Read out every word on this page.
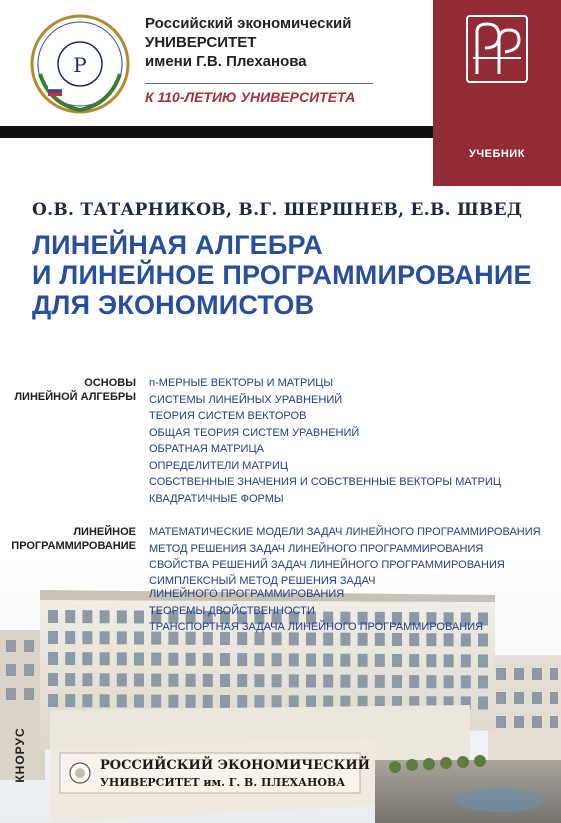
РОССИЙСКИЙ ЭКОНОМИЧЕСКИЙ
УНИВЕРСИТЕТ им. Г. В. ПЛЕХАНОВА
Р
Российский экономический
УНИВЕРСИТЕТ
имени Г.В. Плеханова
К 110-ЛЕТИЮ УНИВЕРСИТЕТА
УЧЕБНИК
О.В. ТАТАРНИКОВ, В.Г. ШЕРШНЕВ, Е.В. ШВЕД
ЛИНЕЙНАЯ АЛГЕБРА
И ЛИНЕЙНОЕ ПРОГРАММИРОВАНИЕ
ДЛЯ ЭКОНОМИСТОВ
ОСНОВЫ
ЛИНЕЙНОЙ АЛГЕБРЫ
n-МЕРНЫЕ ВЕКТОРЫ И МАТРИЦЫ
СИСТЕМЫ ЛИНЕЙНЫХ УРАВНЕНИЙ
ТЕОРИЯ СИСТЕМ ВЕКТОРОВ
ОБЩАЯ ТЕОРИЯ СИСТЕМ УРАВНЕНИЙ
ОБРАТНАЯ МАТРИЦА
ОПРЕДЕЛИТЕЛИ МАТРИЦ
СОБСТВЕННЫЕ ЗНАЧЕНИЯ И СОБСТВЕННЫЕ ВЕКТОРЫ МАТРИЦ
КВАДРАТИЧНЫЕ ФОРМЫ
ЛИНЕЙНОЕ
ПРОГРАММИРОВАНИЕ
МАТЕМАТИЧЕСКИЕ МОДЕЛИ ЗАДАЧ ЛИНЕЙНОГО ПРОГРАММИРОВАНИЯ
МЕТОД РЕШЕНИЯ ЗАДАЧ ЛИНЕЙНОГО ПРОГРАММИРОВАНИЯ
СВОЙСТВА РЕШЕНИЙ ЗАДАЧ ЛИНЕЙНОГО ПРОГРАММИРОВАНИЯ
СИМПЛЕКСНЫЙ МЕТОД РЕШЕНИЯ ЗАДАЧ ЛИНЕЙНОГО ПРОГРАММИРОВАНИЯ
ТЕОРЕМЫ ДВОЙСТВЕННОСТИ
ТРАНСПОРТНАЯ ЗАДАЧА ЛИНЕЙНОГО ПРОГРАММИРОВАНИЯ
КНОРУС
